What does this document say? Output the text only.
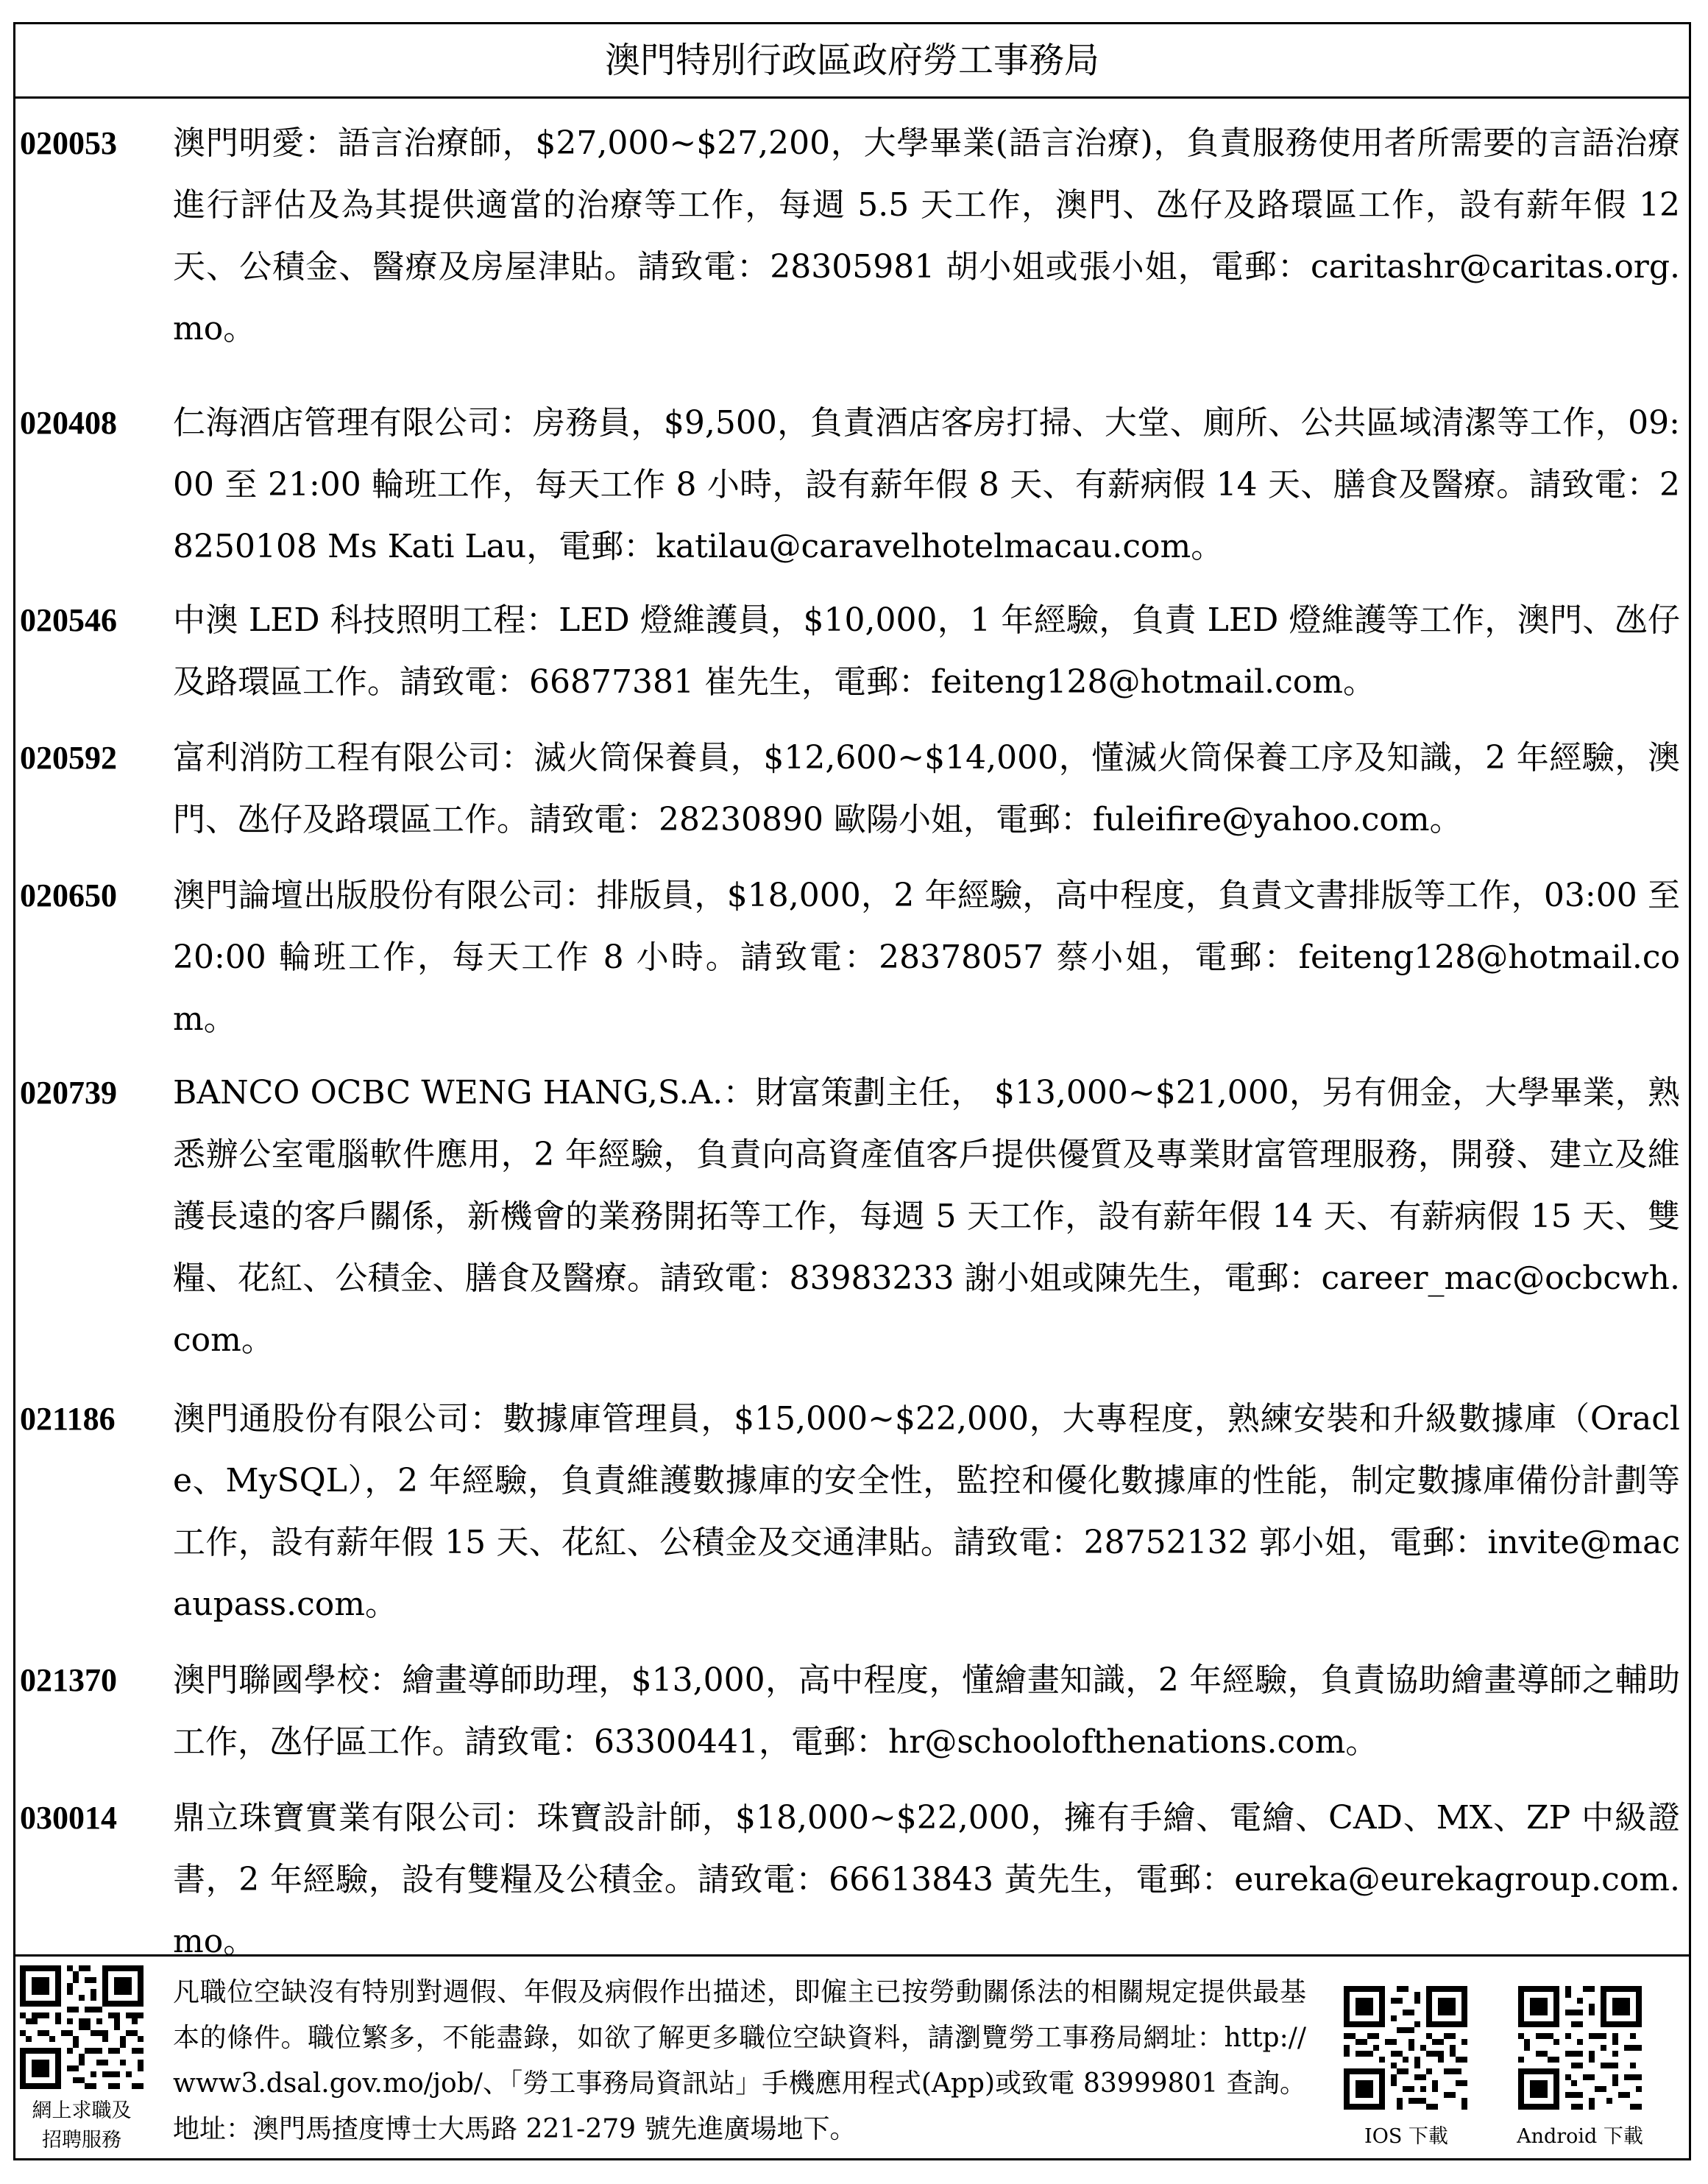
澳門特別行政區政府勞工事務局
020053 澳門明愛：語言治療師，$27,000~$27,200，大學畢業(語言治療)，負責服務使用者所需要的言語治療進行評估及為其提供適當的治療等工作，每週 5.5 天工作，澳門、氹仔及路環區工作，設有薪年假 12 天、公積金、醫療及房屋津貼。請致電：28305981 胡小姐或張小姐，電郵：caritashr@caritas.org.mo。
020408 仁海酒店管理有限公司：房務員，$9,500，負責酒店客房打掃、大堂、廁所、公共區域清潔等工作，09:00 至 21:00 輪班工作，每天工作 8 小時，設有薪年假 8 天、有薪病假 14 天、膳食及醫療。請致電：28250108 Ms Kati Lau，電郵：katilau@caravelhotelmacau.com。
020546 中澳 LED 科技照明工程：LED 燈維護員，$10,000，1 年經驗，負責 LED 燈維護等工作，澳門、氹仔及路環區工作。請致電：66877381 崔先生，電郵：feiteng128@hotmail.com。
020592 富利消防工程有限公司：滅火筒保養員，$12,600~$14,000，懂滅火筒保養工序及知識，2 年經驗，澳門、氹仔及路環區工作。請致電：28230890 歐陽小姐，電郵：fuleifire@yahoo.com。
020650 澳門論壇出版股份有限公司：排版員，$18,000，2 年經驗，高中程度，負責文書排版等工作，03:00 至 20:00 輪班工作，每天工作 8 小時。請致電：28378057 蔡小姐，電郵：feiteng128@hotmail.com。
020739 BANCO OCBC WENG HANG,S.A.：財富策劃主任， $13,000~$21,000，另有佣金，大學畢業，熟悉辦公室電腦軟件應用，2 年經驗，負責向高資產值客戶提供優質及專業財富管理服務，開發、建立及維護長遠的客戶關係，新機會的業務開拓等工作，每週 5 天工作，設有薪年假 14 天、有薪病假 15 天、雙糧、花紅、公積金、膳食及醫療。請致電：83983233 謝小姐或陳先生，電郵：career_mac@ocbcwh.com。
021186 澳門通股份有限公司：數據庫管理員，$15,000~$22,000，大專程度，熟練安裝和升級數據庫（Oracle、MySQL），2 年經驗，負責維護數據庫的安全性，監控和優化數據庫的性能，制定數據庫備份計劃等工作，設有薪年假 15 天、花紅、公積金及交通津貼。請致電：28752132 郭小姐，電郵：invite@macaupass.com。
021370 澳門聯國學校：繪畫導師助理，$13,000，高中程度，懂繪畫知識，2 年經驗，負責協助繪畫導師之輔助工作，氹仔區工作。請致電：63300441，電郵：hr@schoolofthenations.com。
030014 鼎立珠寶實業有限公司：珠寶設計師，$18,000~$22,000，擁有手繪、電繪、CAD、MX、ZP 中級證書，2 年經驗，設有雙糧及公積金。請致電：66613843 黃先生，電郵：eureka@eurekagroup.com.mo。
網上求職及
招聘服務
凡職位空缺沒有特別對週假、年假及病假作出描述，即僱主已按勞動關係法的相關規定提供最基本的條件。職位繁多，不能盡錄，如欲了解更多職位空缺資料，請瀏覽勞工事務局網址：http://www3.dsal.gov.mo/job/、「勞工事務局資訊站」手機應用程式(App)或致電 83999801 查詢。地址：澳門馬揸度博士大馬路 221-279 號先進廣場地下。	IOS 下載	Android 下載
